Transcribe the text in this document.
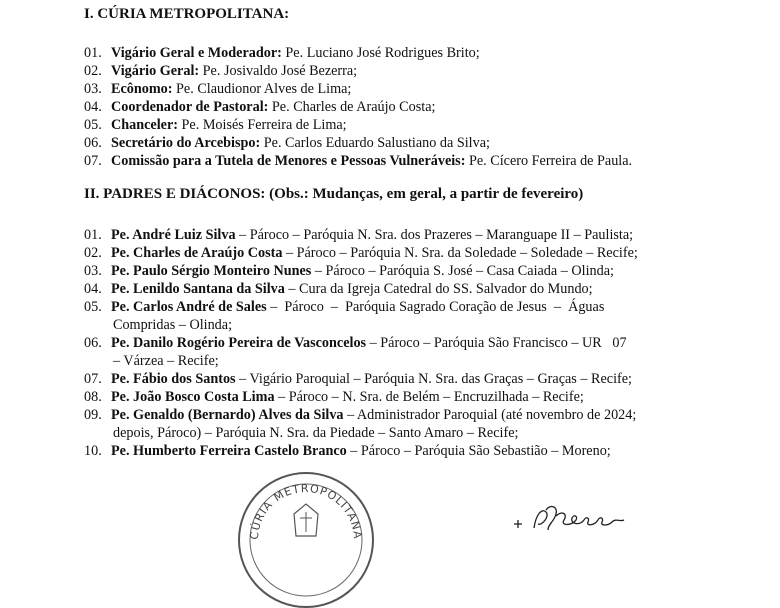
I. CÚRIA METROPOLITANA:
01. Vigário Geral e Moderador: Pe. Luciano José Rodrigues Brito;
02. Vigário Geral: Pe. Josivaldo José Bezerra;
03. Ecônomo: Pe. Claudionor Alves de Lima;
04. Coordenador de Pastoral: Pe. Charles de Araújo Costa;
05. Chanceler: Pe. Moisés Ferreira de Lima;
06. Secretário do Arcebispo: Pe. Carlos Eduardo Salustiano da Silva;
07. Comissão para a Tutela de Menores e Pessoas Vulneráveis: Pe. Cícero Ferreira de Paula.
II. PADRES E DIÁCONOS: (Obs.: Mudanças, em geral, a partir de fevereiro)
01. Pe. André Luiz Silva – Pároco – Paróquia N. Sra. dos Prazeres – Maranguape II – Paulista;
02. Pe. Charles de Araújo Costa – Pároco – Paróquia N. Sra. da Soledade – Soledade – Recife;
03. Pe. Paulo Sérgio Monteiro Nunes – Pároco – Paróquia S. José – Casa Caiada – Olinda;
04. Pe. Lenildo Santana da Silva – Cura da Igreja Catedral do SS. Salvador do Mundo;
05. Pe. Carlos André de Sales –  Pároco  –  Paróquia Sagrado Coração de Jesus  –  Águas
Compridas – Olinda;
06. Pe. Danilo Rogério Pereira de Vasconcelos – Pároco – Paróquia São Francisco – UR   07
– Várzea – Recife;
07. Pe. Fábio dos Santos – Vigário Paroquial – Paróquia N. Sra. das Graças – Graças – Recife;
08. Pe. João Bosco Costa Lima – Pároco – N. Sra. de Belém – Encruzilhada – Recife;
09. Pe. Genaldo (Bernardo) Alves da Silva – Administrador Paroquial (até novembro de 2024;
depois, Pároco) – Paróquia N. Sra. da Piedade – Santo Amaro – Recife;
10. Pe. Humberto Ferreira Castelo Branco – Pároco – Paróquia São Sebastião – Moreno;
CÚRIA METROPOLITANA
